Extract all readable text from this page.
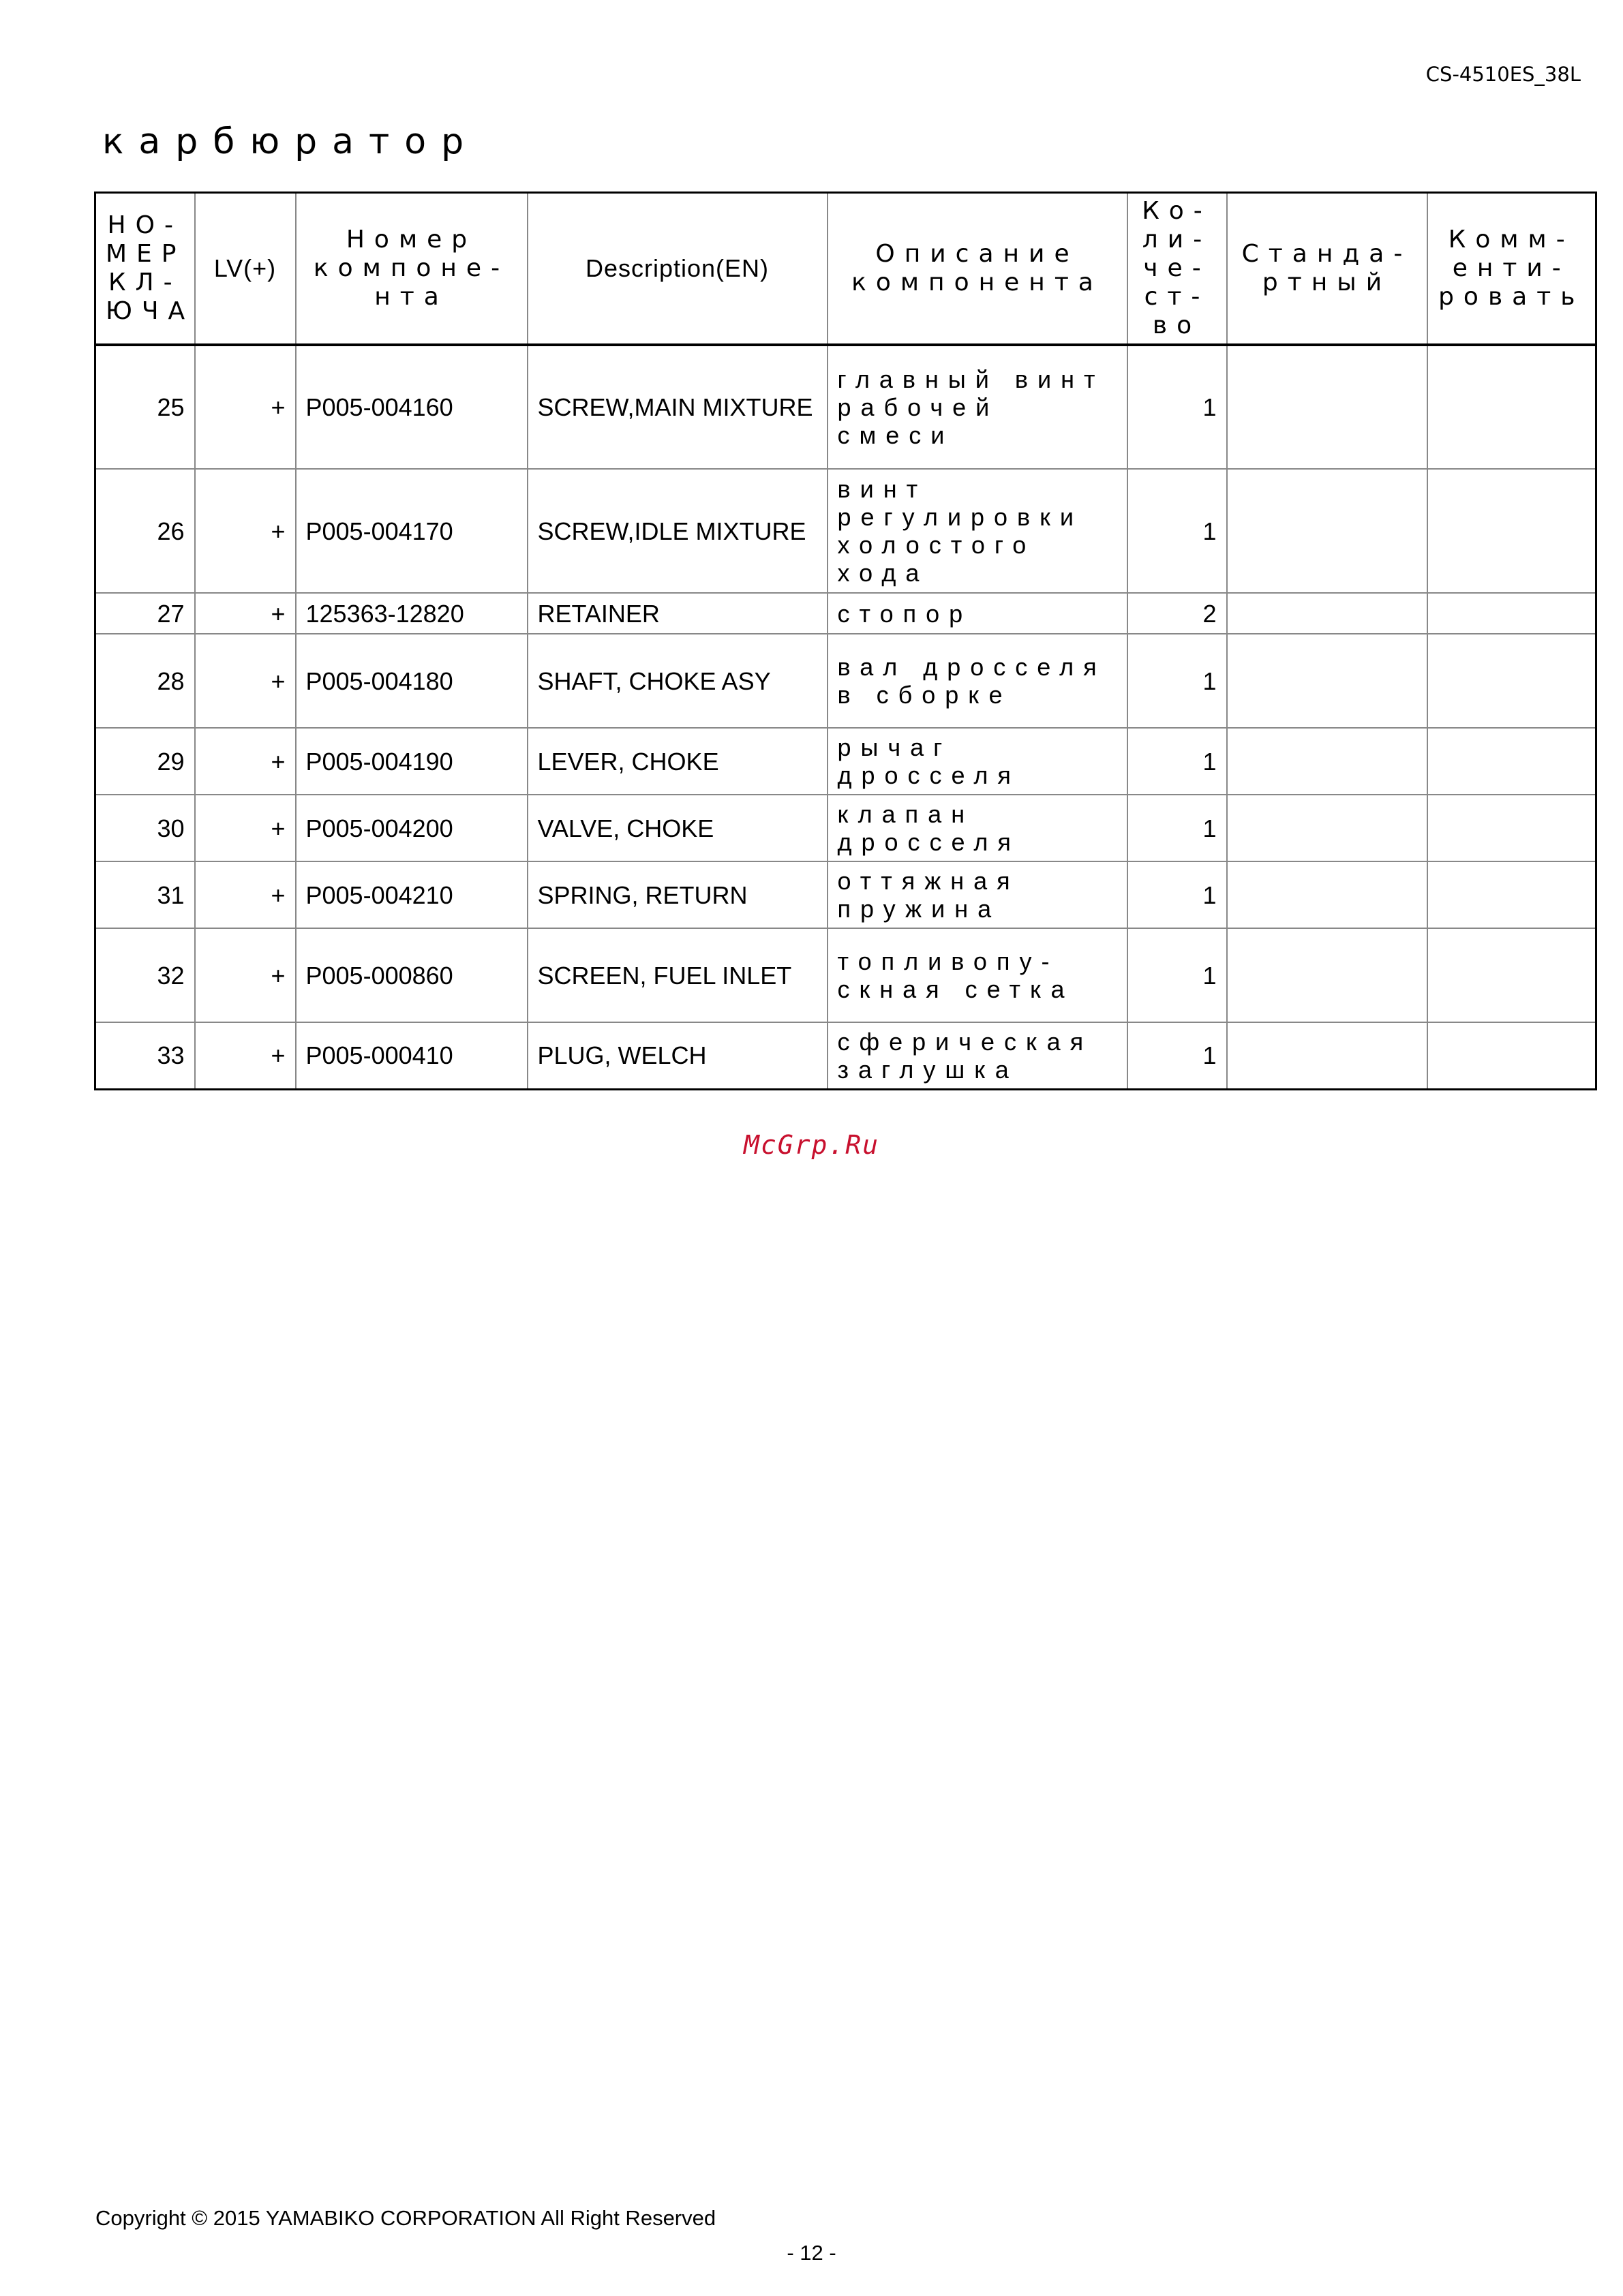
CS-4510ES_38L
карбюратор
НО-МЕР КЛ-ЮЧА	LV(+)	Номер компоне-нта	Description(EN)	Описание компонента	Ко-ли-че-ст-во	Станда-ртный	Комм-енти-ровать
25	+	P005-004160	SCREW,MAIN MIXTURE	главный винт рабочей смеси	1		
26	+	P005-004170	SCREW,IDLE MIXTURE	винт регулировки холостого хода	1		
27	+	125363-12820	RETAINER	стопор	2		
28	+	P005-004180	SHAFT, CHOKE ASY	вал дросселя в сборке	1		
29	+	P005-004190	LEVER, CHOKE	рычаг дросселя	1		
30	+	P005-004200	VALVE, CHOKE	клапан дросселя	1		
31	+	P005-004210	SPRING, RETURN	оттяжная пружина	1		
32	+	P005-000860	SCREEN, FUEL INLET	топливопу-скная сетка	1		
33	+	P005-000410	PLUG, WELCH	сферическая заглушка	1		
McGrp.Ru
Copyright © 2015 YAMABIKO CORPORATION All Right Reserved
- 12 -
